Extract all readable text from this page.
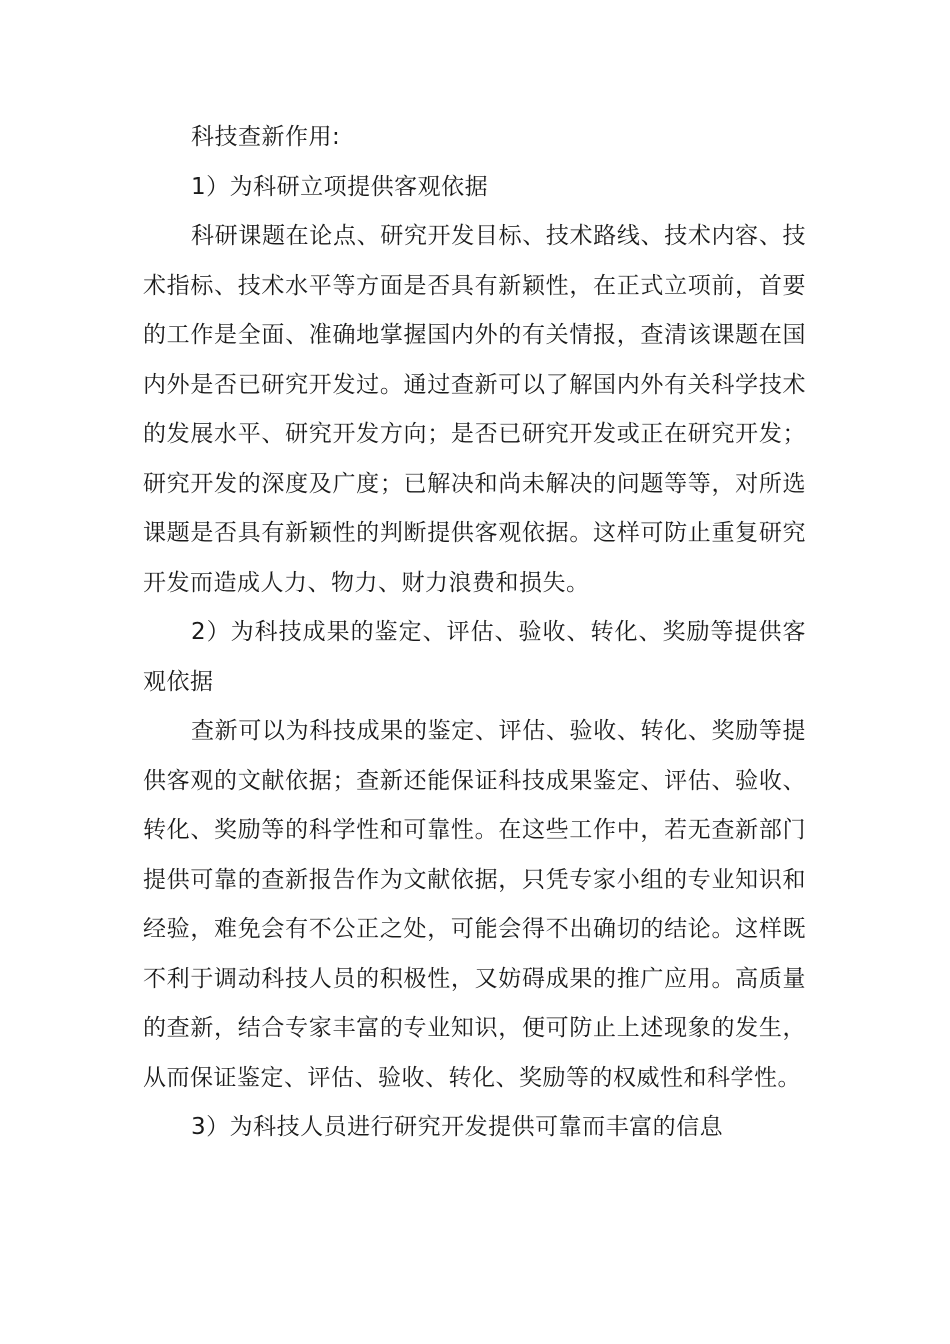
科技查新作用:

1）为科研立项提供客观依据

科研课题在论点、研究开发目标、技术路线、技术内容、技术指标、技术水平等方面是否具有新颖性，在正式立项前，首要的工作是全面、准确地掌握国内外的有关情报，查清该课题在国内外是否已研究开发过。通过查新可以了解国内外有关科学技术的发展水平、研究开发方向；是否已研究开发或正在研究开发；研究开发的深度及广度；已解决和尚未解决的问题等等，对所选课题是否具有新颖性的判断提供客观依据。这样可防止重复研究开发而造成人力、物力、财力浪费和损失。

2）为科技成果的鉴定、评估、验收、转化、奖励等提供客观依据

查新可以为科技成果的鉴定、评估、验收、转化、奖励等提供客观的文献依据；查新还能保证科技成果鉴定、评估、验收、转化、奖励等的科学性和可靠性。在这些工作中，若无查新部门提供可靠的查新报告作为文献依据，只凭专家小组的专业知识和经验，难免会有不公正之处，可能会得不出确切的结论。这样既不利于调动科技人员的积极性，又妨碍成果的推广应用。高质量的查新，结合专家丰富的专业知识，便可防止上述现象的发生，从而保证鉴定、评估、验收、转化、奖励等的权威性和科学性。

3）为科技人员进行研究开发提供可靠而丰富的信息
